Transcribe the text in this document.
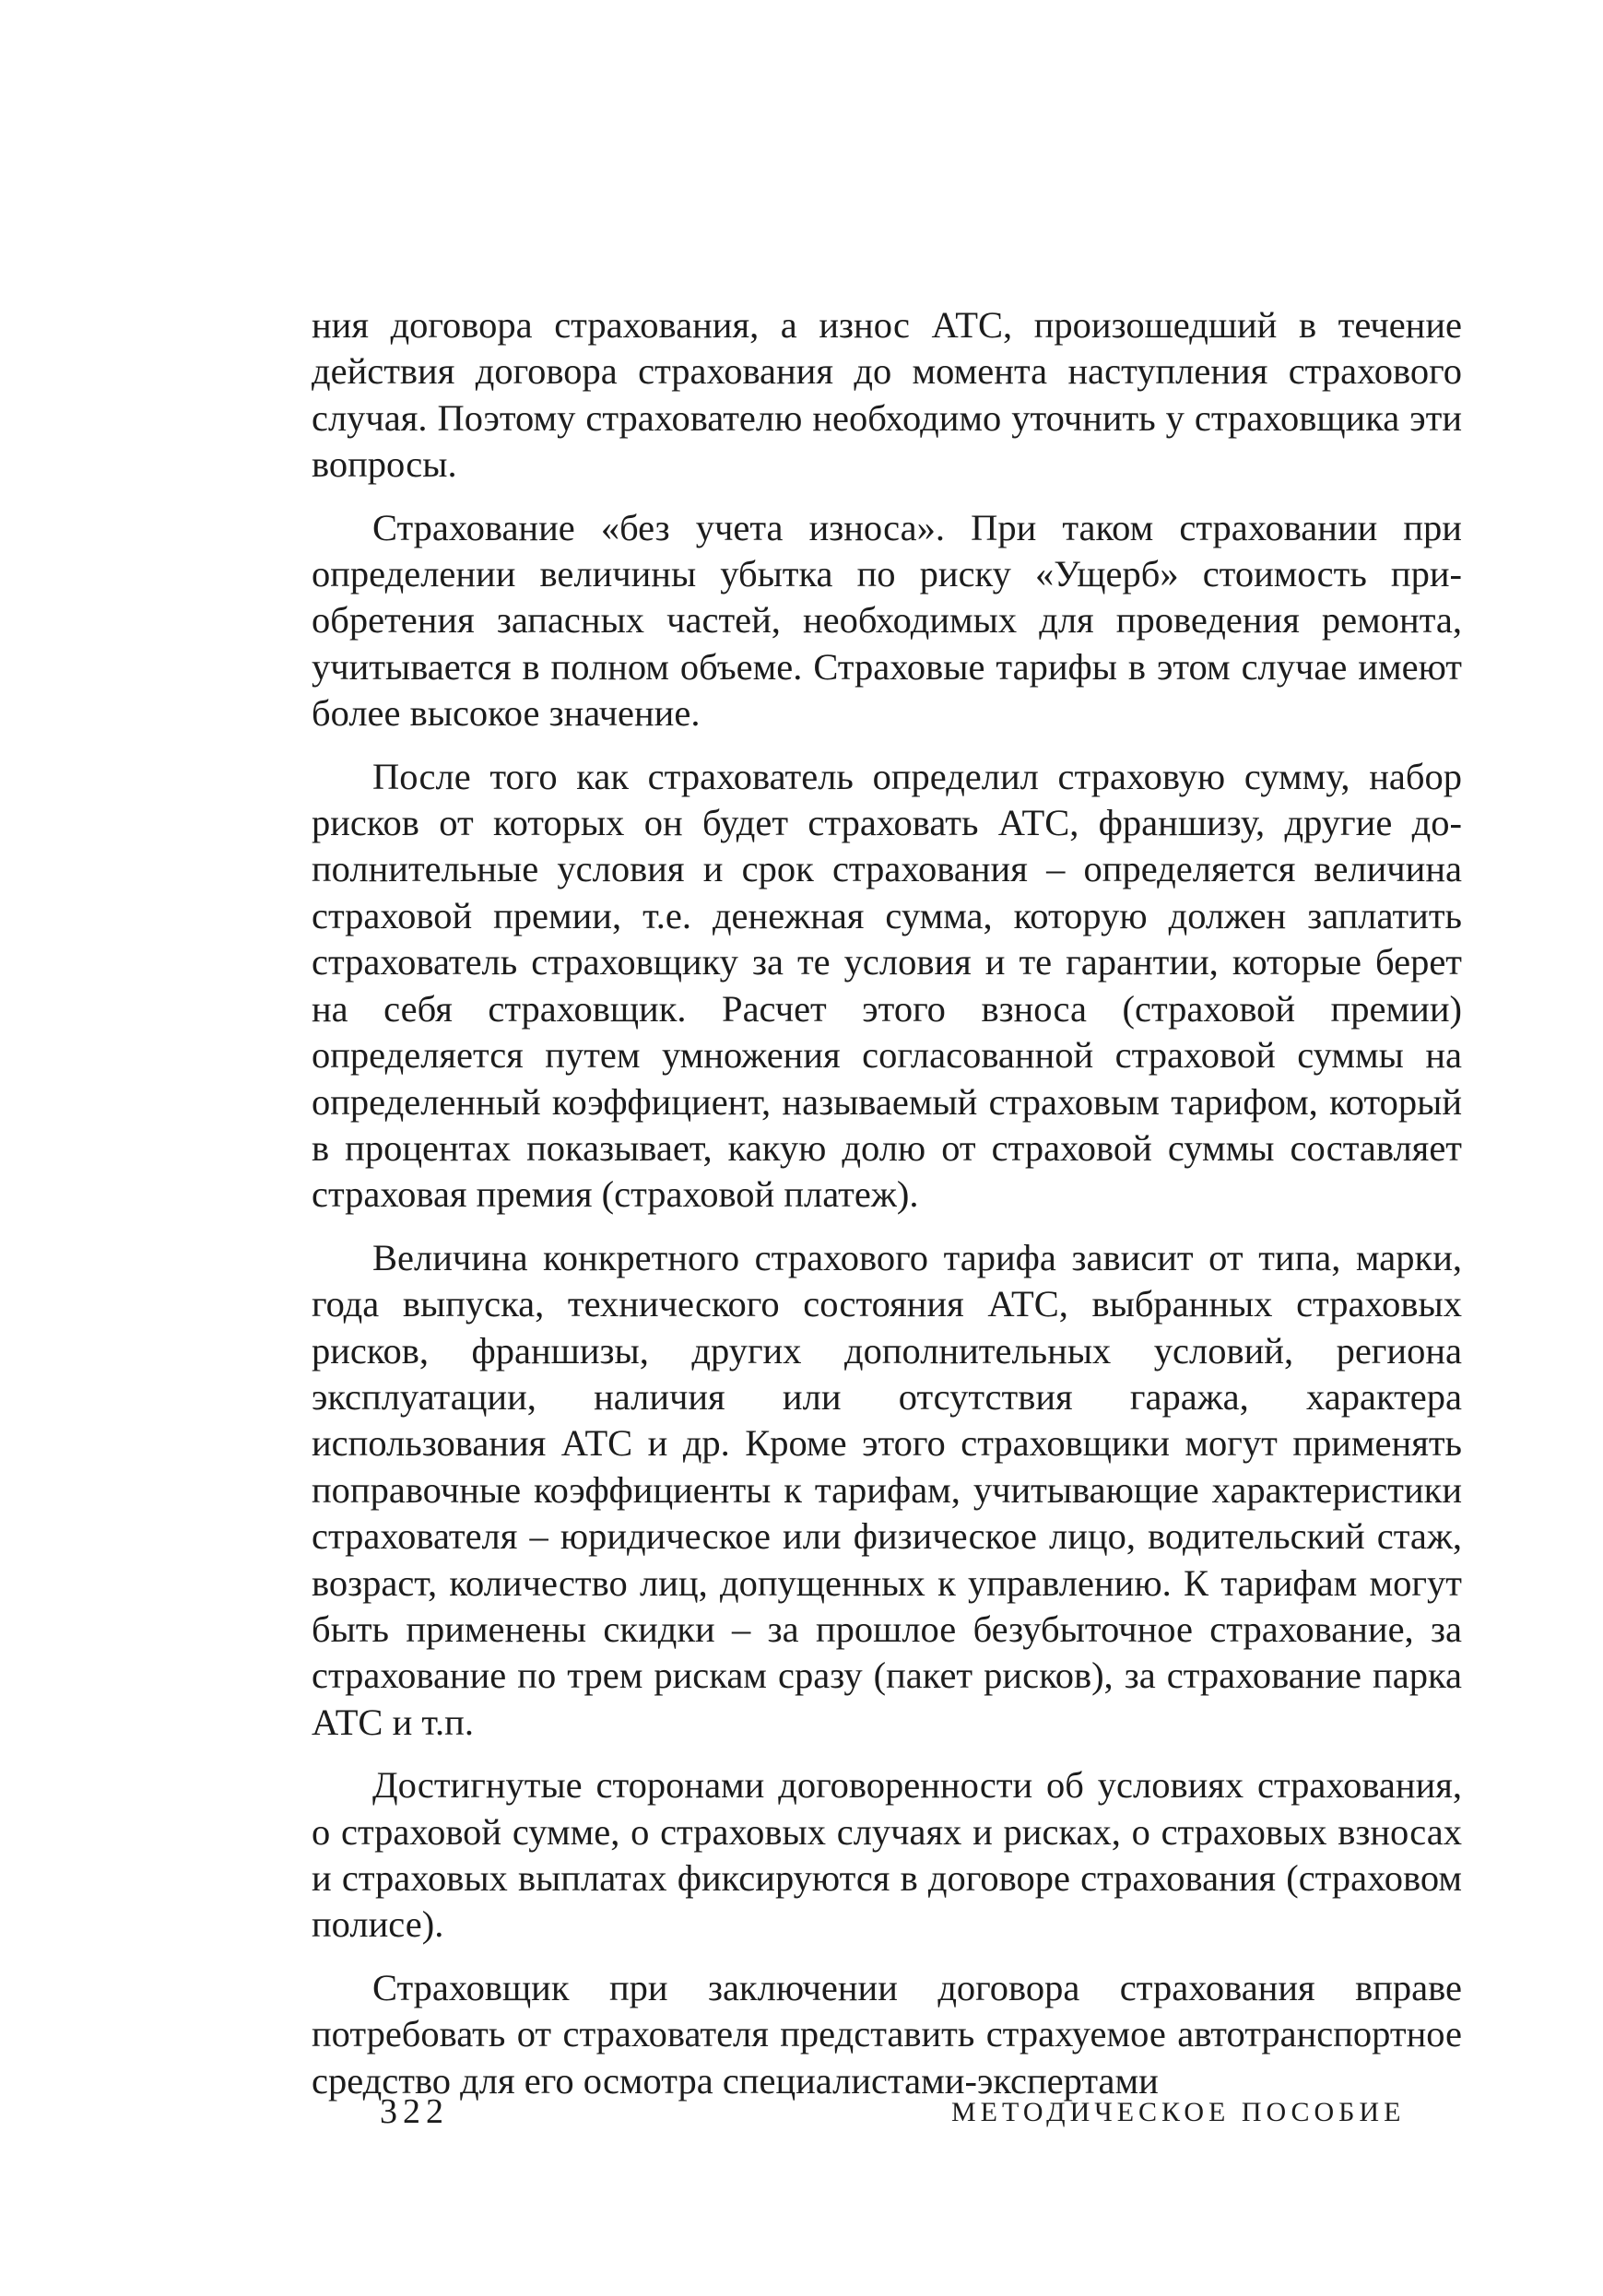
ния договора страхования, а износ АТС, произошедший в течение действия договора страхования до момента наступления страхового случая. Поэтому страхователю необходимо уточнить у страховщика эти вопросы.

Страхование «без учета износа». При таком страховании при определении величины убытка по риску «Ущерб» стоимость приобретения запасных частей, необходимых для проведения ремонта, учитывается в полном объеме. Страховые тарифы в этом случае имеют более высокое значение.

После того как страхователь определил страховую сумму, набор рисков от которых он будет страховать АТС, франшизу, другие дополнительные условия и срок страхования – определяется величина страховой премии, т.е. денежная сумма, которую должен заплатить страхователь страховщику за те условия и те гарантии, которые берет на себя страховщик. Расчет этого взноса (страховой премии) определяется путем умножения согласованной страховой суммы на определенный коэффициент, называемый страховым тарифом, который в процентах показывает, какую долю от страховой суммы составляет страховая премия (страховой платеж).

Величина конкретного страхового тарифа зависит от типа, марки, года выпуска, технического состояния АТС, выбранных страховых рисков, франшизы, других дополнительных условий, региона эксплуатации, наличия или отсутствия гаража, характера использования АТС и др. Кроме этого страховщики могут применять поправочные коэффициенты к тарифам, учитывающие характеристики страхователя – юридическое или физическое лицо, водительский стаж, возраст, количество лиц, допущенных к управлению. К тарифам могут быть применены скидки – за прошлое безубыточное страхование, за страхование по трем рискам сразу (пакет рисков), за страхование парка АТС и т.п.

Достигнутые сторонами договоренности об условиях страхования, о страховой сумме, о страховых случаях и рисках, о страховых взносах и страховых выплатах фиксируются в договоре страхования (страховом полисе).

Страховщик при заключении договора страхования вправе потребовать от страхователя представить страхуемое автотранспортное средство для его осмотра специалистами-экспертами

322	МЕТОДИЧЕСКОЕ ПОСОБИЕ
